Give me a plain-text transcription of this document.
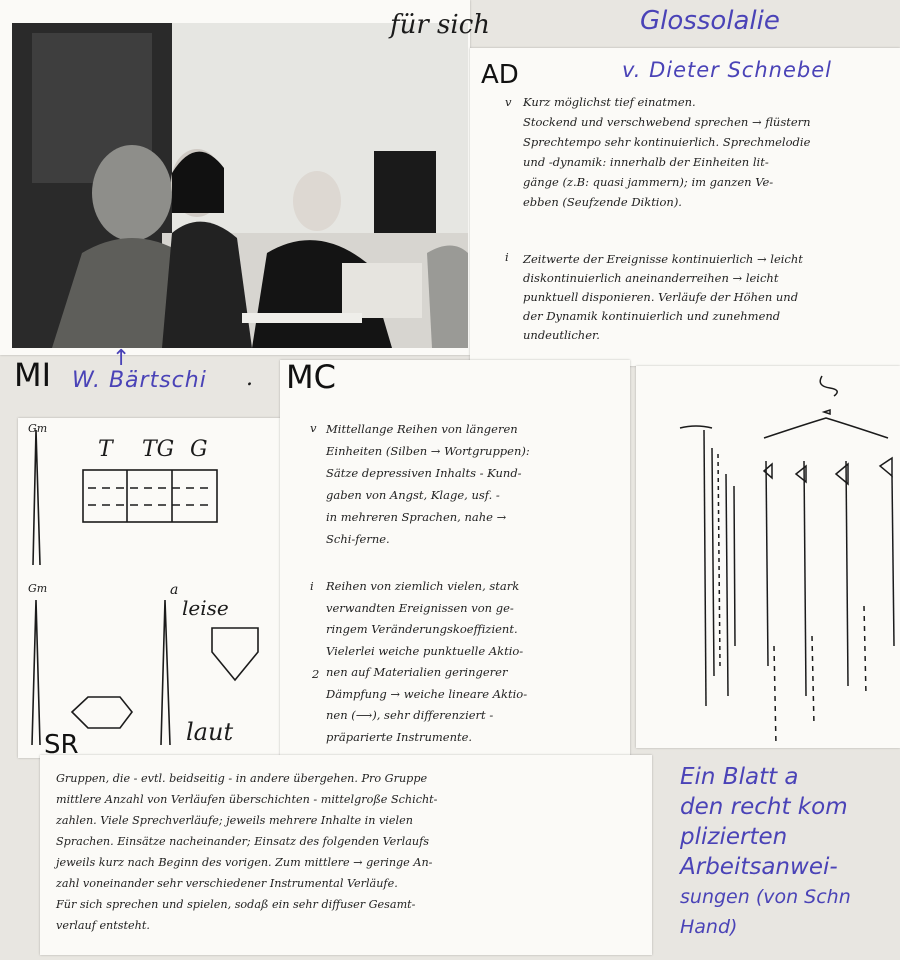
für sich	Glossolalie
v. Dieter Schnebel
AD
v Kurz möglichst tief einatmen.
Stockend und verschwebend sprechen → flüstern
Sprechtempo sehr kontinuierlich. Sprechmelodie
und -dynamik: innerhalb der Einheiten lit-
gänge (z.B: quasi jammern); im ganzen Ve-
ebben (Seufzende Diktion).
i Zeitwerte der Ereignisse kontinuierlich → leicht
diskontinuierlich aneinanderreihen → leicht
punktuell disponieren. Verläufe der Höhen und
der Dynamik kontinuierlich und zunehmend
undeutlicher.
MI	↑
W. Bärtschi .
Gm
Gm
T TG G
a
leise
laut
MC
v Mittellange Reihen von längeren
Einheiten (Silben → Wortgruppen):
Sätze depressiven Inhalts - Kund-
gaben von Angst, Klage, usf. -
in mehreren Sprachen, nahe →
Schi-ferne.
i
2
Reihen von ziemlich vielen, stark
verwandten Ereignissen von ge-
ringem Veränderungskoeffizient.
Vielerlei weiche punktuelle Aktio-
nen auf Materialien geringerer
Dämpfung → weiche lineare Aktio-
nen (⟶), sehr differenziert -
präparierte Instrumente.
SR
Gruppen, die - evtl. beidseitig - in andere übergehen. Pro Gruppe
mittlere Anzahl von Verläufen überschichten - mittelgroße Schicht-
zahlen. Viele Sprechverläufe; jeweils mehrere Inhalte in vielen
Sprachen. Einsätze nacheinander; Einsatz des folgenden Verlaufs
jeweils kurz nach Beginn des vorigen. Zum mittlere → geringe An-
zahl voneinander sehr verschiedener Instrumental Verläufe.
Für sich sprechen und spielen, sodaß ein sehr diffuser Gesamt-
verlauf entsteht.
Ein Blatt a
den recht kom
plizierten
Arbeitsanwei-
sungen (von Schn
Hand)
